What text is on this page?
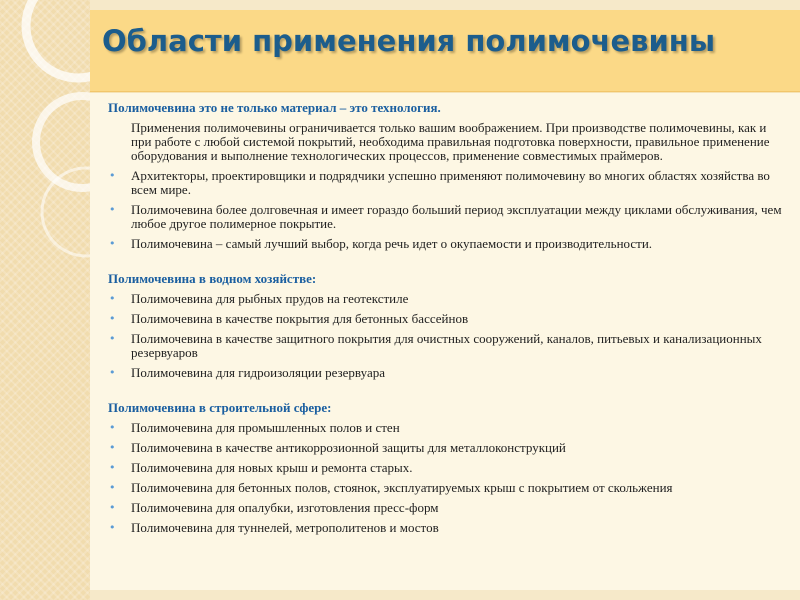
Области применения полимочевины
Полимочевина это не только материал – это технология.
Применения полимочевины ограничивается только вашим воображением. При производстве полимочевины, как и при работе с любой системой покрытий, необходима правильная подготовка поверхности, правильное применение оборудования и выполнение технологических процессов, применение совместимых праймеров.
• Архитекторы, проектировщики и подрядчики успешно применяют полимочевину во многих областях хозяйства во всем мире.
• Полимочевина более долговечная и имеет гораздо больший период эксплуатации между циклами обслуживания, чем любое другое полимерное покрытие.
• Полимочевина – самый лучший выбор, когда речь идет о окупаемости и производительности.
Полимочевина в водном хозяйстве:
• Полимочевина для рыбных прудов на геотекстиле
• Полимочевина в качестве покрытия для бетонных бассейнов
• Полимочевина в качестве защитного покрытия для очистных сооружений, каналов, питьевых и канализационных резервуаров
• Полимочевина для гидроизоляции резервуара
Полимочевина в строительной сфере:
• Полимочевина для промышленных полов и стен
• Полимочевина в качестве антикоррозионной защиты для металлоконструкций
• Полимочевина для новых крыш и ремонта старых.
• Полимочевина для бетонных полов, стоянок, эксплуатируемых крыш с покрытием от скольжения
• Полимочевина для опалубки, изготовления пресс-форм
• Полимочевина для туннелей, метрополитенов и мостов
